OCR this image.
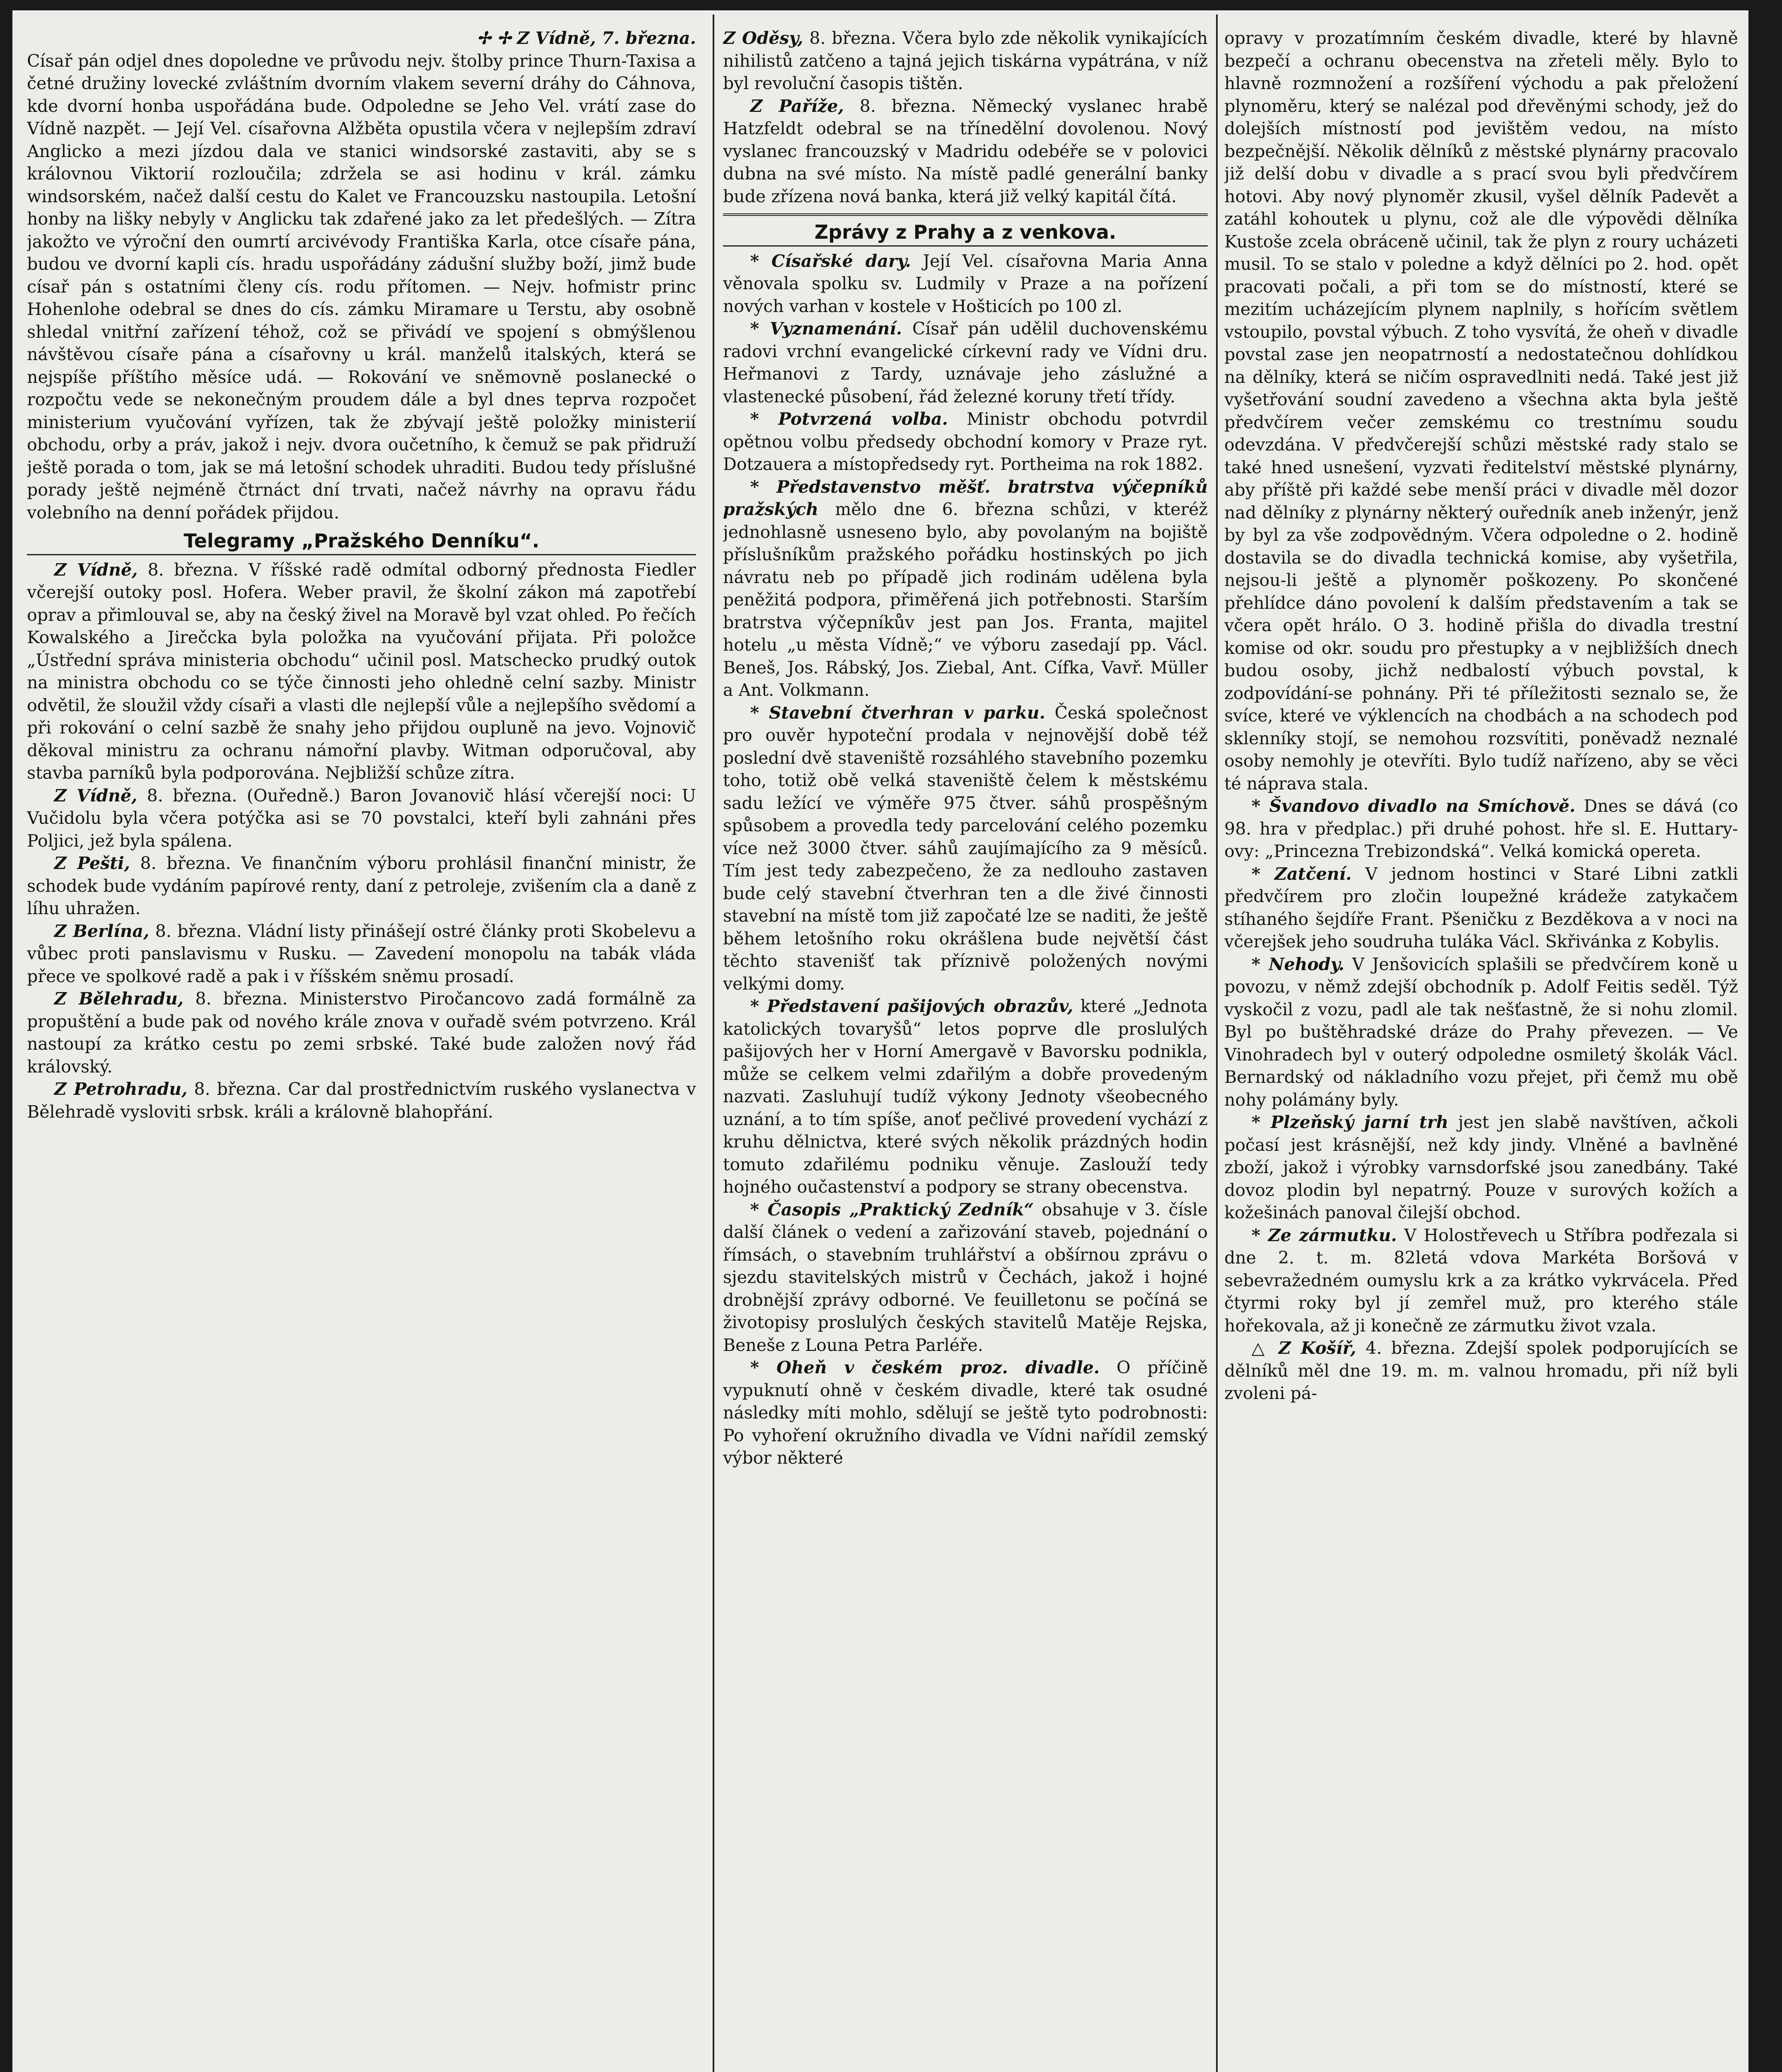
✢ ✢ Z Vídně, 7. března.

Císař pán odjel dnes dopoledne ve průvodu nejv. štolby prince Thurn-Taxisa a četné družiny lovecké zvláštním dvorním vlakem severní dráhy do Cáhnova, kde dvorní honba uspořádána bude. Odpoledne se Jeho Vel. vrátí zase do Vídně nazpět. — Její Vel. císařovna Alžběta opustila včera v nejlepším zdraví Anglicko a mezi jízdou dala ve stanici windsorské zastaviti, aby se s královnou Viktorií rozloučila; zdržela se asi hodinu v král. zámku windsorském, načež další cestu do Kalet ve Francouzsku nastoupila. Letošní honby na lišky nebyly v Anglicku tak zdařené jako za let předešlých. — Zítra jakožto ve výroční den oumrtí arcivévody Františka Karla, otce císaře pána, budou ve dvorní kapli cís. hradu uspořádány zádušní služby boží, jimž bude císař pán s ostatními členy cís. rodu přítomen. — Nejv. hofmistr princ Hohenlohe odebral se dnes do cís. zámku Miramare u Terstu, aby osobně shledal vnitřní zařízení téhož, což se přivádí ve spojení s obmýšlenou návštěvou císaře pána a císařovny u král. manželů italských, která se nejspíše příštího měsíce udá. — Rokování ve sněmovně poslanecké o rozpočtu vede se nekonečným proudem dále a byl dnes teprva rozpočet ministerium vyučování vyřízen, tak že zbývají ještě položky ministerií obchodu, orby a práv, jakož i nejv. dvora oučetního, k čemuž se pak přidruží ještě porada o tom, jak se má letošní schodek uhraditi. Budou tedy příslušné porady ještě nejméně čtrnáct dní trvati, načež návrhy na opravu řádu volebního na denní pořádek přijdou.

Telegramy „Pražského Denníku“.

Z Vídně, 8. března. V říšské radě odmítal odborný přednosta Fiedler včerejší outoky posl. Hofera. Weber pravil, že školní zákon má zapotřebí oprav a přimlouval se, aby na český živel na Moravě byl vzat ohled. Po řečích Kowalského a Jirečcka byla položka na vyučování přijata. Při položce „Ústřední správa ministeria obchodu“ učinil posl. Matschecko prudký outok na ministra obchodu co se týče činnosti jeho ohledně celní sazby. Ministr odvětil, že sloužil vždy císaři a vlasti dle nejlepší vůle a nejlepšího svědomí a při rokování o celní sazbě že snahy jeho přijdou oupluně na jevo. Vojnovič děkoval ministru za ochranu námořní plavby. Witman odporučoval, aby stavba parníků byla podporována. Nejbližší schůze zítra.

Z Vídně, 8. března. (Ouředně.) Baron Jovanovič hlásí včerejší noci: U Vučidolu byla včera potýčka asi se 70 povstalci, kteří byli zahnáni přes Poljici, jež byla spálena.

Z Pešti, 8. března. Ve finančním výboru prohlásil finanční ministr, že schodek bude vydáním papírové renty, daní z petroleje, zvišením cla a daně z líhu uhražen.

Z Berlína, 8. března. Vládní listy přinášejí ostré články proti Skobelevu a vůbec proti panslavismu v Rusku. — Zavedení monopolu na tabák vláda přece ve spolkové radě a pak i v říšském sněmu prosadí.

Z Bělehradu, 8. března. Ministerstvo Piročancovo zadá formálně za propuštění a bude pak od nového krále znova v ouřadě svém potvrzeno. Král nastoupí za krátko cestu po zemi srbské. Také bude založen nový řád královský.

Z Petrohradu, 8. března. Car dal prostřednictvím ruského vyslanectva v Bělehradě vysloviti srbsk. králi a královně blahopřání.

Z Oděsy, 8. března. Včera bylo zde několik vynikajících nihilistů zatčeno a tajná jejich tiskárna vypátrána, v níž byl revoluční časopis tištěn.

Z Paříže, 8. března. Německý vyslanec hrabě Hatzfeldt odebral se na třínedělní dovolenou. Nový vyslanec francouzský v Madridu odebéře se v polovici dubna na své místo. Na místě padlé generální banky bude zřízena nová banka, která již velký kapitál čítá.

Zprávy z Prahy a z venkova.

* Císařské dary. Její Vel. císařovna Maria Anna věnovala spolku sv. Ludmily v Praze a na pořízení nových varhan v kostele v Hošticích po 100 zl.

* Vyznamenání. Císař pán udělil duchovenskému radovi vrchní evangelické církevní rady ve Vídni dru. Heřmanovi z Tardy, uznávaje jeho záslužné a vlastenecké působení, řád železné koruny třetí třídy.

* Potvrzená volba. Ministr obchodu potvrdil opětnou volbu předsedy obchodní komory v Praze ryt. Dotzauera a místopředsedy ryt. Portheima na rok 1882.

* Představenstvo měšť. bratrstva výčepníků pražských mělo dne 6. března schůzi, v kteréž jednohlasně usneseno bylo, aby povolaným na bojiště příslušníkům pražského pořádku hostinských po jich návratu neb po případě jich rodinám udělena byla peněžitá podpora, přiměřená jich potřebnosti. Starším bratrstva výčepníkův jest pan Jos. Franta, majitel hotelu „u města Vídně;“ ve výboru zasedají pp. Václ. Beneš, Jos. Rábský, Jos. Ziebal, Ant. Cífka, Vavř. Müller a Ant. Volkmann.

* Stavební čtverhran v parku. Česká společnost pro ouvěr hypoteční prodala v nejnovější době též poslední dvě staveniště rozsáhlého stavebního pozemku toho, totiž obě velká staveniště čelem k městskému sadu ležící ve výměře 975 čtver. sáhů prospěšným spůsobem a provedla tedy parcelování celého pozemku více než 3000 čtver. sáhů zaujímajícího za 9 měsíců. Tím jest tedy zabezpečeno, že za nedlouho zastaven bude celý stavební čtverhran ten a dle živé činnosti stavební na místě tom již započaté lze se naditi, že ještě během letošního roku okrášlena bude největší část těchto stavenišť tak příznivě položených novými velkými domy.

* Představení pašijových obrazův, které „Jednota katolických tovaryšů“ letos poprve dle proslulých pašijových her v Horní Amergavě v Bavorsku podnikla, může se celkem velmi zdařilým a dobře provedeným nazvati. Zasluhují tudíž výkony Jednoty všeobecného uznání, a to tím spíše, anoť pečlivé provedení vychází z kruhu dělnictva, které svých několik prázdných hodin tomuto zdařilému podniku věnuje. Zaslouží tedy hojného oučastenství a podpory se strany obecenstva.

* Časopis „Praktický Zedník“ obsahuje v 3. čísle další článek o vedení a zařizování staveb, pojednání o římsách, o stavebním truhlářství a obšírnou zprávu o sjezdu stavitelských mistrů v Čechách, jakož i hojné drobnější zprávy odborné. Ve feuilletonu se počíná se životopisy proslulých českých stavitelů Matěje Rejska, Beneše z Louna Petra Parléře.

* Oheň v českém proz. divadle. O příčině vypuknutí ohně v českém divadle, které tak osudné následky míti mohlo, sdělují se ještě tyto podrobnosti: Po vyhoření okružního divadla ve Vídni nařídil zemský výbor některé

opravy v prozatímním českém divadle, které by hlavně bezpečí a ochranu obecenstva na zřeteli měly. Bylo to hlavně rozmnožení a rozšíření východu a pak přeložení plynoměru, který se nalézal pod dřevěnými schody, jež do dolejších místností pod jevištěm vedou, na místo bezpečnější. Několik dělníků z městské plynárny pracovalo již delší dobu v divadle a s prací svou byli předvčírem hotovi. Aby nový plynoměr zkusil, vyšel dělník Padevět a zatáhl kohoutek u plynu, což ale dle výpovědi dělníka Kustoše zcela obráceně učinil, tak že plyn z roury ucházeti musil. To se stalo v poledne a když dělníci po 2. hod. opět pracovati počali, a při tom se do místností, které se mezitím ucházejícím plynem naplnily, s hořícím světlem vstoupilo, povstal výbuch. Z toho vysvítá, že oheň v divadle povstal zase jen neopatrností a nedostatečnou dohlídkou na dělníky, která se ničím ospravedlniti nedá. Také jest již vyšetřování soudní zavedeno a všechna akta byla ještě předvčírem večer zemskému co trestnímu soudu odevzdána. V předvčerejší schůzi městské rady stalo se také hned usnešení, vyzvati ředitelství městské plynárny, aby příště při každé sebe menší práci v divadle měl dozor nad dělníky z plynárny některý ouředník aneb inženýr, jenž by byl za vše zodpovědným. Včera odpoledne o 2. hodině dostavila se do divadla technická komise, aby vyšetřila, nejsou-li ještě a plynoměr poškozeny. Po skončené přehlídce dáno povolení k dalším představením a tak se včera opět hrálo. O 3. hodině přišla do divadla trestní komise od okr. soudu pro přestupky a v nejbližších dnech budou osoby, jichž nedbalostí výbuch povstal, k zodpovídání-se pohnány. Při té příležitosti seznalo se, že svíce, které ve výklencích na chodbách a na schodech pod sklenníky stojí, se nemohou rozsvítiti, poněvadž neznalé osoby nemohly je otevříti. Bylo tudíž nařízeno, aby se věci té náprava stala.

* Švandovo divadlo na Smíchově. Dnes se dává (co 98. hra v předplac.) při druhé pohost. hře sl. E. Huttary-ovy: „Princezna Trebizondská“. Velká komická opereta.

* Zatčení. V jednom hostinci v Staré Libni zatkli předvčírem pro zločin loupežné krádeže zatykačem stíhaného šejdíře Frant. Pšeničku z Bezděkova a v noci na včerejšek jeho soudruha tuláka Václ. Skřivánka z Kobylis.

* Nehody. V Jenšovicích splašili se předvčírem koně u povozu, v němž zdejší obchodník p. Adolf Feitis seděl. Týž vyskočil z vozu, padl ale tak nešťastně, že si nohu zlomil. Byl po buštěhradské dráze do Prahy převezen. — Ve Vinohradech byl v outerý odpoledne osmiletý školák Václ. Bernardský od nákladního vozu přejet, při čemž mu obě nohy polámány byly.

* Plzeňský jarní trh jest jen slabě navštíven, ačkoli počasí jest krásnější, než kdy jindy. Vlněné a bavlněné zboží, jakož i výrobky varnsdorfské jsou zanedbány. Také dovoz plodin byl nepatrný. Pouze v surových kožích a kožešinách panoval čilejší obchod.

* Ze zármutku. V Holostřevech u Stříbra podřezala si dne 2. t. m. 82letá vdova Markéta Boršová v sebevražedném oumyslu krk a za krátko vykrvácela. Před čtyrmi roky byl jí zemřel muž, pro kterého stále hořekovala, až ji konečně ze zármutku život vzala.

△ Z Košíř, 4. března. Zdejší spolek podporujících se dělníků měl dne 19. m. m. valnou hromadu, při níž byli zvoleni pá-
